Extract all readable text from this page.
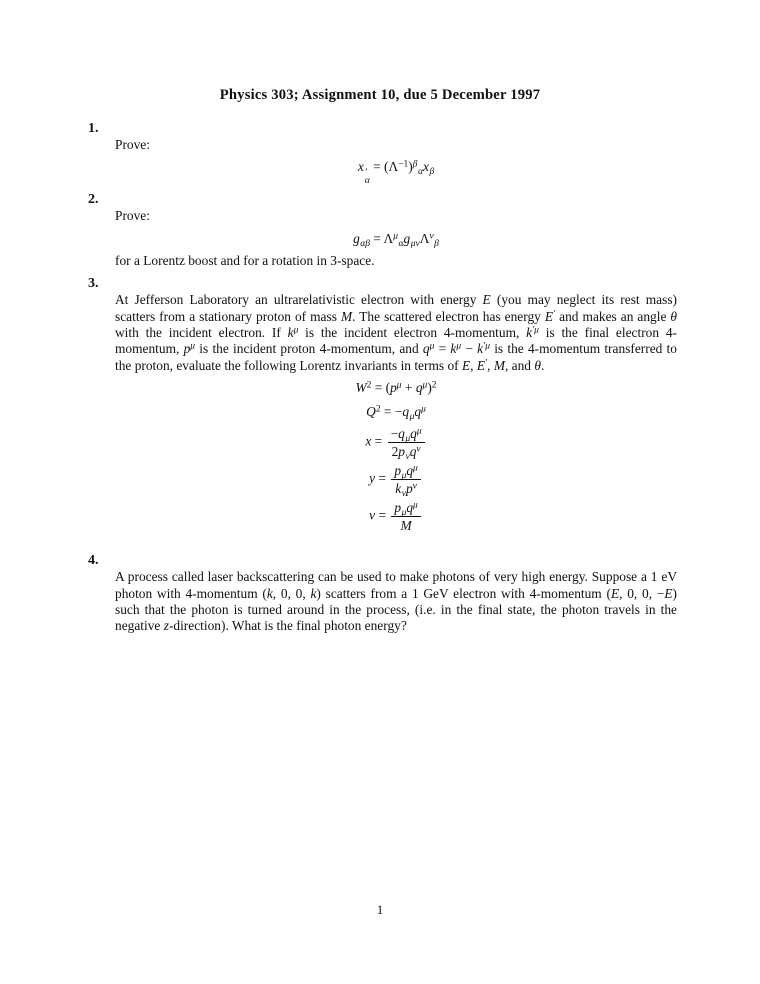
Physics 303; Assignment 10, due 5 December 1997
1.
Prove:
x ′
α
= $(\Lambda^{-1})^\beta_\alpha x_\beta$
2.
Prove:
$g_{\alpha\beta} = \Lambda^\mu_\alpha g_{\mu\nu}\Lambda^\nu_\beta$
for a Lorentz boost and for a rotation in 3-space.
3.
At Jefferson Laboratory an ultrarelativistic electron with energy E (you may neglect its rest mass) scatters from a stationary proton of mass M. The scattered electron has energy E′ and makes an angle θ with the incident electron. If $k^\mu$ is the incident electron 4-momentum, $k^{'\mu}$ is the final electron 4-momentum, $p^\mu$ is the incident proton 4-momentum, and $q^\mu = k^\mu - k^{'\mu}$ is the 4-momentum transferred to the proton, evaluate the following Lorentz invariants in terms of E, E′, M, and θ.
$W^2 = (p^\mu + q^\mu)^2$
$Q^2 = -q_\mu q^\mu$
x =
$-q_\mu q^\mu$
$2p_\nu q^\nu$
y =
$p_\mu q^\mu$
$k_\nu p^\nu$
ν =
$p_\mu q^\mu$
M
4.
A process called laser backscattering can be used to make photons of very high energy. Suppose a 1 eV photon with 4-momentum (k, 0, 0, k) scatters from a 1 GeV electron with 4-momentum (E, 0, 0, −E) such that the photon is turned around in the process, (i.e. in the final state, the photon travels in the negative z-direction). What is the final photon energy?
1
